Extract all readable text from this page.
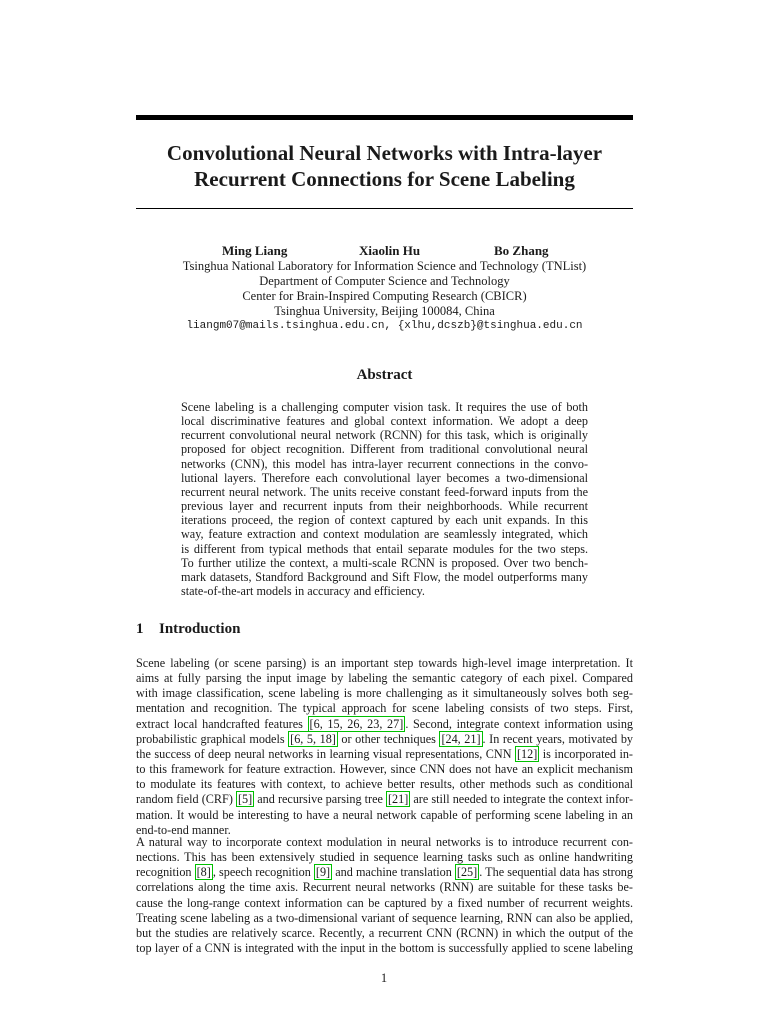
Convolutional Neural Networks with Intra-layer
Recurrent Connections for Scene Labeling
Ming Liang	Xiaolin Hu	Bo Zhang
Tsinghua National Laboratory for Information Science and Technology (TNList)
Department of Computer Science and Technology
Center for Brain-Inspired Computing Research (CBICR)
Tsinghua University, Beijing 100084, China
liangm07@mails.tsinghua.edu.cn, {xlhu,dcszb}@tsinghua.edu.cn
Abstract
Scene labeling is a challenging computer vision task. It requires the use of both
local discriminative features and global context information. We adopt a deep
recurrent convolutional neural network (RCNN) for this task, which is originally
proposed for object recognition. Different from traditional convolutional neural
networks (CNN), this model has intra-layer recurrent connections in the convo-
lutional layers. Therefore each convolutional layer becomes a two-dimensional
recurrent neural network. The units receive constant feed-forward inputs from the
previous layer and recurrent inputs from their neighborhoods. While recurrent
iterations proceed, the region of context captured by each unit expands. In this
way, feature extraction and context modulation are seamlessly integrated, which
is different from typical methods that entail separate modules for the two steps.
To further utilize the context, a multi-scale RCNN is proposed. Over two bench-
mark datasets, Standford Background and Sift Flow, the model outperforms many
state-of-the-art models in accuracy and efficiency.
1 Introduction
Scene labeling (or scene parsing) is an important step towards high-level image interpretation. It
aims at fully parsing the input image by labeling the semantic category of each pixel. Compared
with image classification, scene labeling is more challenging as it simultaneously solves both seg-
mentation and recognition. The typical approach for scene labeling consists of two steps. First,
extract local handcrafted features [6, 15, 26, 23, 27] . Second, integrate context information using
probabilistic graphical models [6, 5, 18] or other techniques [24, 21] . In recent years, motivated by
the success of deep neural networks in learning visual representations, CNN [12] is incorporated in-
to this framework for feature extraction. However, since CNN does not have an explicit mechanism
to modulate its features with context, to achieve better results, other methods such as conditional
random field (CRF) [5] and recursive parsing tree [21] are still needed to integrate the context infor-
mation. It would be interesting to have a neural network capable of performing scene labeling in an
end-to-end manner.
A natural way to incorporate context modulation in neural networks is to introduce recurrent con-
nections. This has been extensively studied in sequence learning tasks such as online handwriting
recognition [8] , speech recognition [9] and machine translation [25] . The sequential data has strong
correlations along the time axis. Recurrent neural networks (RNN) are suitable for these tasks be-
cause the long-range context information can be captured by a fixed number of recurrent weights.
Treating scene labeling as a two-dimensional variant of sequence learning, RNN can also be applied,
but the studies are relatively scarce. Recently, a recurrent CNN (RCNN) in which the output of the
top layer of a CNN is integrated with the input in the bottom is successfully applied to scene labeling
1
